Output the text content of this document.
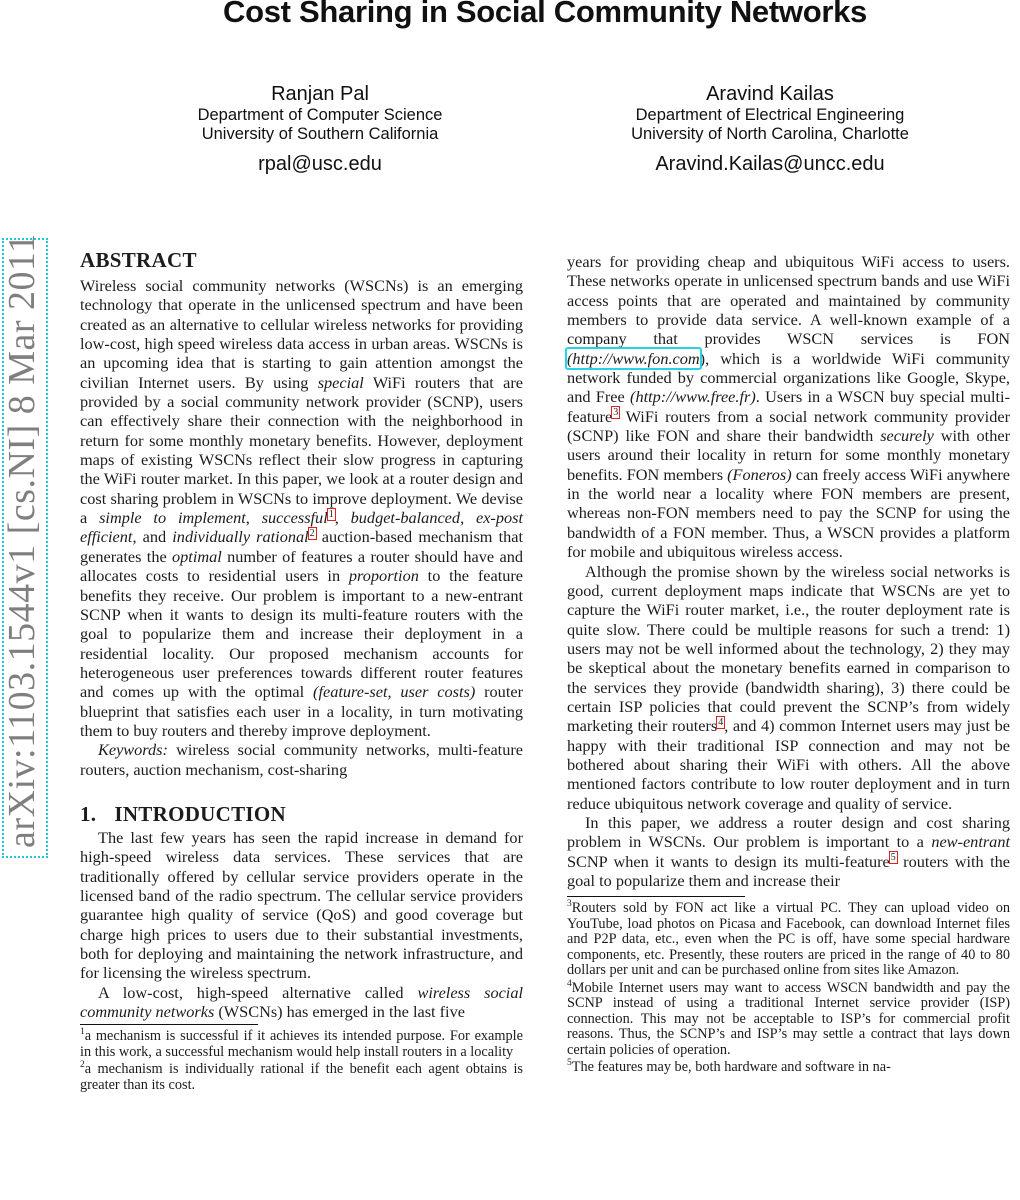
Cost Sharing in Social Community Networks
Ranjan Pal
Department of Computer Science
University of Southern California
rpal@usc.edu
Aravind Kailas
Department of Electrical Engineering
University of North Carolina, Charlotte
Aravind.Kailas@uncc.edu
arXiv:1103.1544v1 [cs.NI] 8 Mar 2011 ABSTRACT

Wireless social community networks (WSCNs) is an emerging technology that operate in the unlicensed spectrum and have been created as an alternative to cellular wireless networks for providing low-cost, high speed wireless data access in urban areas. WSCNs is an upcoming idea that is starting to gain attention amongst the civilian Internet users. By using special WiFi routers that are provided by a social community network provider (SCNP), users can effectively share their connection with the neighborhood in return for some monthly monetary benefits. However, deployment maps of existing WSCNs reflect their slow progress in capturing the WiFi router market. In this paper, we look at a router design and cost sharing problem in WSCNs to improve deployment. We devise a simple to implement, successful$^1$, budget-balanced, ex-post efficient, and individually rational$^2$ auction-based mechanism that generates the optimal number of features a router should have and allocates costs to residential users in proportion to the feature benefits they receive. Our problem is important to a new-entrant SCNP when it wants to design its multi-feature routers with the goal to popularize them and increase their deployment in a residential locality. Our proposed mechanism accounts for heterogeneous user preferences towards different router features and comes up with the optimal (feature-set, user costs) router blueprint that satisfies each user in a locality, in turn motivating them to buy routers and thereby improve deployment.

Keywords: wireless social community networks, multi-feature routers, auction mechanism, cost-sharing

1. INTRODUCTION

The last few years has seen the rapid increase in demand for high-speed wireless data services. These services that are traditionally offered by cellular service providers operate in the licensed band of the radio spectrum. The cellular service providers guarantee high quality of service (QoS) and good coverage but charge high prices to users due to their substantial investments, both for deploying and maintaining the network infrastructure, and for licensing the wireless spectrum.

A low-cost, high-speed alternative called wireless social community networks (WSCNs) has emerged in the last five

$^1$a mechanism is successful if it achieves its intended purpose. For example in this work, a successful mechanism would help install routers in a locality

$^2$a mechanism is individually rational if the benefit each agent obtains is greater than its cost.

years for providing cheap and ubiquitous WiFi access to users. These networks operate in unlicensed spectrum bands and use WiFi access points that are operated and maintained by community members to provide data service. A well-known example of a company that provides WSCN services is FON (http://www.fon.com), which is a worldwide WiFi community network funded by commercial organizations like Google, Skype, and Free (http://www.free.fr). Users in a WSCN buy special multi-feature$^3$ WiFi routers from a social network community provider (SCNP) like FON and share their bandwidth securely with other users around their locality in return for some monthly monetary benefits. FON members (Foneros) can freely access WiFi anywhere in the world near a locality where FON members are present, whereas non-FON members need to pay the SCNP for using the bandwidth of a FON member. Thus, a WSCN provides a platform for mobile and ubiquitous wireless access.

Although the promise shown by the wireless social networks is good, current deployment maps indicate that WSCNs are yet to capture the WiFi router market, i.e., the router deployment rate is quite slow. There could be multiple reasons for such a trend: 1) users may not be well informed about the technology, 2) they may be skeptical about the monetary benefits earned in comparison to the services they provide (bandwidth sharing), 3) there could be certain ISP policies that could prevent the SCNP’s from widely marketing their routers$^4$, and 4) common Internet users may just be happy with their traditional ISP connection and may not be bothered about sharing their WiFi with others. All the above mentioned factors contribute to low router deployment and in turn reduce ubiquitous network coverage and quality of service.

In this paper, we address a router design and cost sharing problem in WSCNs. Our problem is important to a new-entrant SCNP when it wants to design its multi-feature$^5$ routers with the goal to popularize them and increase their

$^3$Routers sold by FON act like a virtual PC. They can upload video on YouTube, load photos on Picasa and Facebook, can download Internet files and P2P data, etc., even when the PC is off, have some special hardware components, etc. Presently, these routers are priced in the range of 40 to 80 dollars per unit and can be purchased online from sites like Amazon.

$^4$Mobile Internet users may want to access WSCN bandwidth and pay the SCNP instead of using a traditional Internet service provider (ISP) connection. This may not be acceptable to ISP’s for commercial profit reasons. Thus, the SCNP’s and ISP’s may settle a contract that lays down certain policies of operation.

$^5$The features may be, both hardware and software in na-
